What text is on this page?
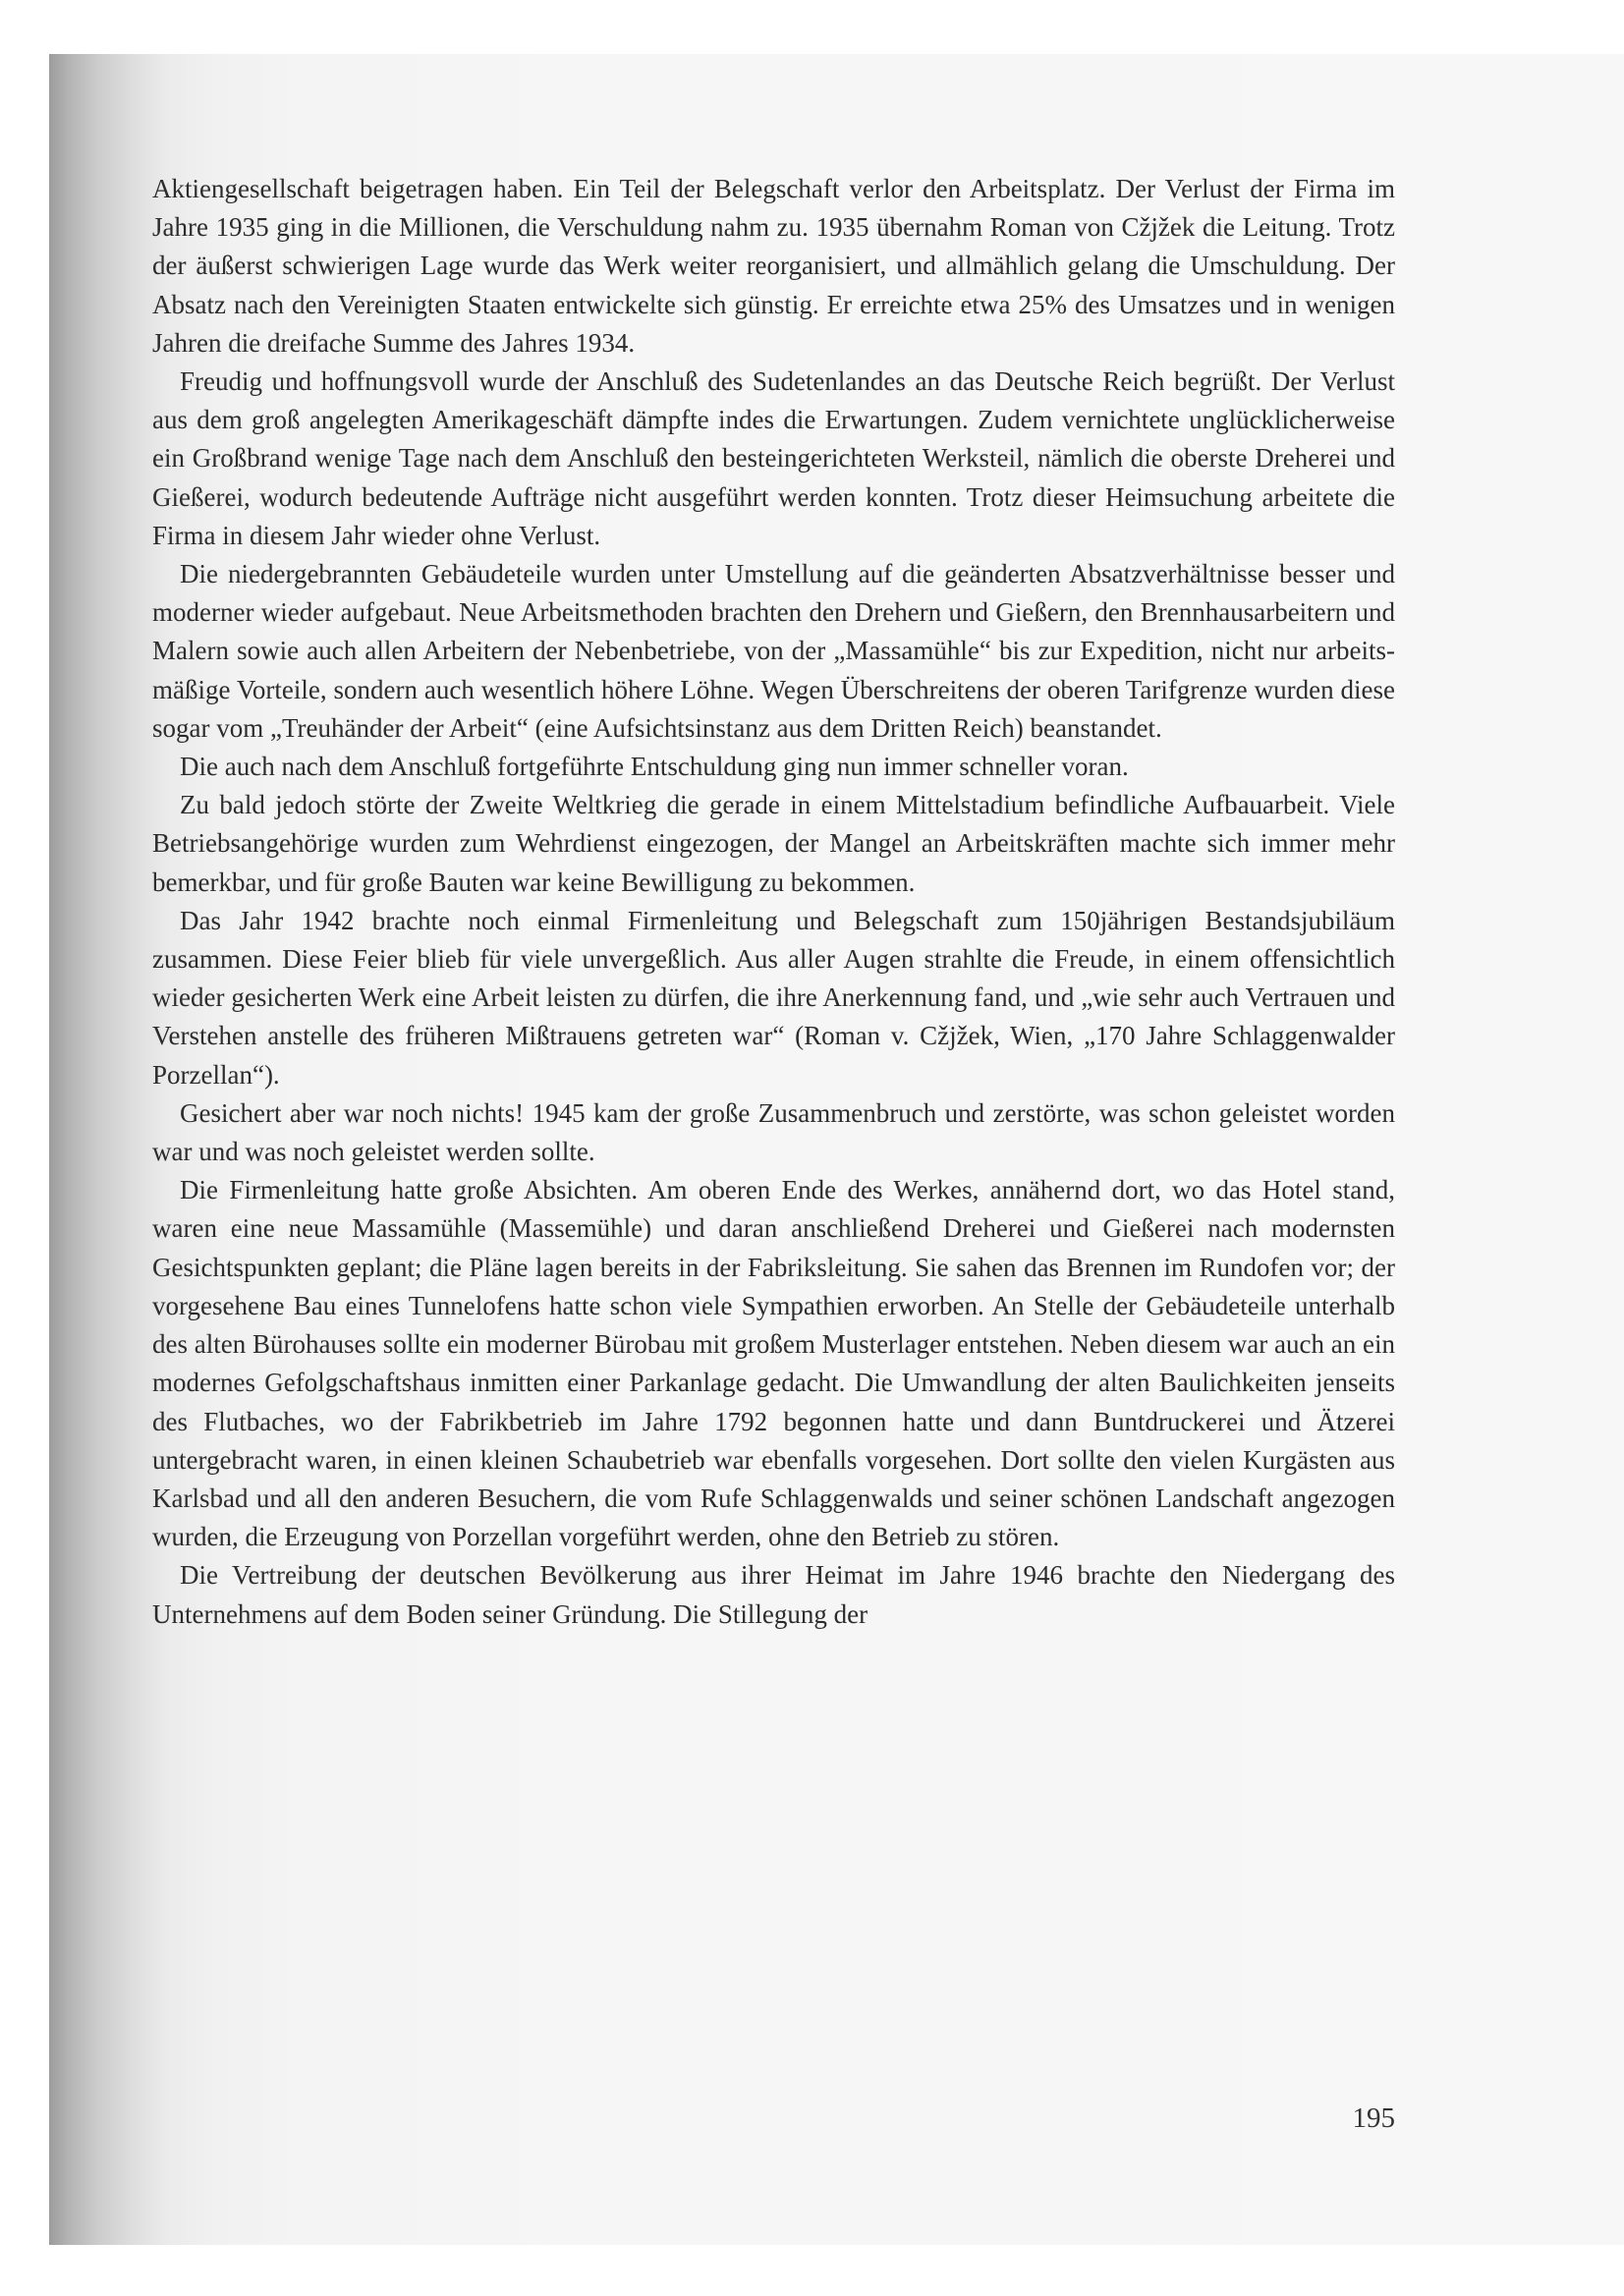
Aktiengesellschaft beigetragen haben. Ein Teil der Belegschaft verlor den Arbeitsplatz. Der Verlust der Firma im Jahre 1935 ging in die Millionen, die Verschuldung nahm zu. 1935 übernahm Roman von Cžjžek die Leitung. Trotz der äußerst schwierigen Lage wurde das Werk weiter reorganisiert, und allmählich gelang die Umschuldung. Der Absatz nach den Vereinigten Staaten entwickelte sich günstig. Er erreichte etwa 25% des Umsatzes und in wenigen Jahren die dreifache Summe des Jahres 1934.

Freudig und hoffnungsvoll wurde der Anschluß des Sudetenlandes an das Deutsche Reich begrüßt. Der Verlust aus dem groß angelegten Amerikageschäft dämpfte indes die Erwartungen. Zudem vernichtete unglücklicherweise ein Großbrand wenige Tage nach dem Anschluß den besteingerichteten Werksteil, nämlich die oberste Dreherei und Gießerei, wodurch bedeutende Aufträge nicht ausgeführt werden konnten. Trotz dieser Heimsuchung arbeitete die Firma in diesem Jahr wieder ohne Verlust.

Die niedergebrannten Gebäudeteile wurden unter Umstellung auf die geänderten Absatzverhältnisse besser und moderner wieder aufgebaut. Neue Arbeitsmethoden brachten den Drehern und Gießern, den Brennhausarbeitern und Malern sowie auch allen Arbeitern der Nebenbetriebe, von der „Massamühle“ bis zur Expedition, nicht nur arbeitsmäßige Vorteile, sondern auch wesentlich höhere Löhne. Wegen Überschreitens der oberen Tarifgrenze wurden diese sogar vom „Treuhänder der Arbeit“ (eine Aufsichtsinstanz aus dem Dritten Reich) beanstandet.

Die auch nach dem Anschluß fortgeführte Entschuldung ging nun immer schneller voran.

Zu bald jedoch störte der Zweite Weltkrieg die gerade in einem Mittelstadium befindliche Aufbauarbeit. Viele Betriebsangehörige wurden zum Wehrdienst eingezogen, der Mangel an Arbeitskräften machte sich immer mehr bemerkbar, und für große Bauten war keine Bewilligung zu bekommen.

Das Jahr 1942 brachte noch einmal Firmenleitung und Belegschaft zum 150jährigen Bestandsjubiläum zusammen. Diese Feier blieb für viele unvergeßlich. Aus aller Augen strahlte die Freude, in einem offensichtlich wieder gesicherten Werk eine Arbeit leisten zu dürfen, die ihre Anerkennung fand, und „wie sehr auch Vertrauen und Verstehen anstelle des früheren Mißtrauens getreten war“ (Roman v. Cžjžek, Wien, „170 Jahre Schlaggenwalder Porzellan“).

Gesichert aber war noch nichts! 1945 kam der große Zusammenbruch und zerstörte, was schon geleistet worden war und was noch geleistet werden sollte.

Die Firmenleitung hatte große Absichten. Am oberen Ende des Werkes, annähernd dort, wo das Hotel stand, waren eine neue Massamühle (Massemühle) und daran anschließend Dreherei und Gießerei nach modernsten Gesichtspunkten geplant; die Pläne lagen bereits in der Fabriksleitung. Sie sahen das Brennen im Rundofen vor; der vorgesehene Bau eines Tunnelofens hatte schon viele Sympathien erworben. An Stelle der Gebäudeteile unterhalb des alten Bürohauses sollte ein moderner Bürobau mit großem Musterlager entstehen. Neben diesem war auch an ein modernes Gefolgschaftshaus inmitten einer Parkanlage gedacht. Die Umwandlung der alten Baulichkeiten jenseits des Flutbaches, wo der Fabrikbetrieb im Jahre 1792 begonnen hatte und dann Buntdruckerei und Ätzerei untergebracht waren, in einen kleinen Schaubetrieb war ebenfalls vorgesehen. Dort sollte den vielen Kurgästen aus Karlsbad und all den anderen Besuchern, die vom Rufe Schlaggenwalds und seiner schönen Landschaft angezogen wurden, die Erzeugung von Porzellan vorgeführt werden, ohne den Betrieb zu stören.

Die Vertreibung der deutschen Bevölkerung aus ihrer Heimat im Jahre 1946 brachte den Niedergang des Unternehmens auf dem Boden seiner Gründung. Die Stillegung der

195
